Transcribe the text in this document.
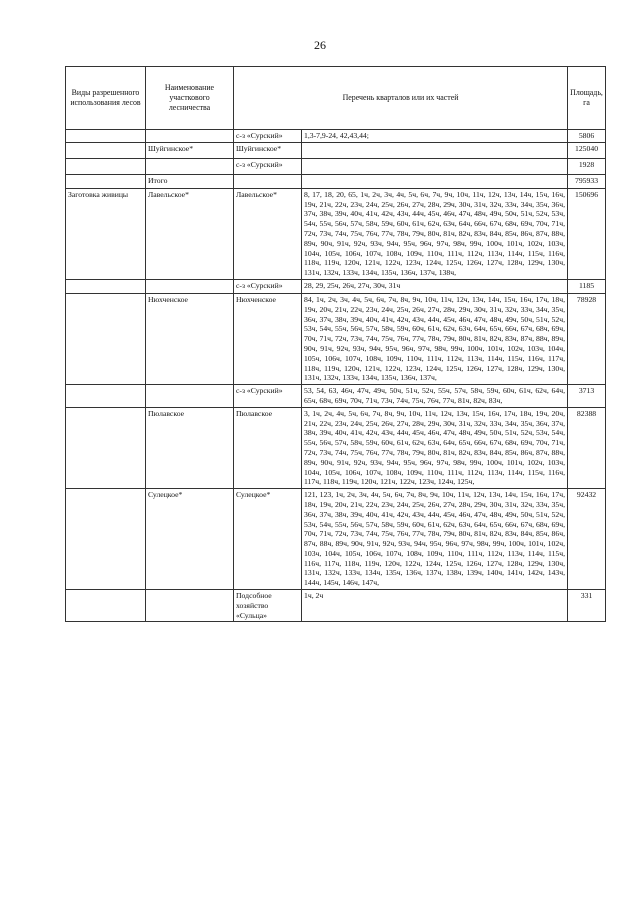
26
Виды разрешенного использования лесов	Наименование участкового лесничества	Перечень кварталов или их частей		Площадь, га
		с-з «Сурский»	1,3-7,9-24, 42,43,44;	5806
	Шуйгинское*	Шуйгинское*		125040
		с-з «Сурский»		1928
	Итого			795933
Заготовка живицы	Лавельское*	Лавельское*	8, 17, 18, 20, 65, 1ч, 2ч, 3ч, 4ч, 5ч, 6ч, 7ч, 9ч, 10ч, 11ч, 12ч, 13ч, 14ч, 15ч, 16ч, 19ч, 21ч, 22ч, 23ч, 24ч, 25ч, 26ч, 27ч, 28ч, 29ч, 30ч, 31ч, 32ч, 33ч, 34ч, 35ч, 36ч, 37ч, 38ч, 39ч, 40ч, 41ч, 42ч, 43ч, 44ч, 45ч, 46ч, 47ч, 48ч, 49ч, 50ч, 51ч, 52ч, 53ч, 54ч, 55ч, 56ч, 57ч, 58ч, 59ч, 60ч, 61ч, 62ч, 63ч, 64ч, 66ч, 67ч, 68ч, 69ч, 70ч, 71ч, 72ч, 73ч, 74ч, 75ч, 76ч, 77ч, 78ч, 79ч, 80ч, 81ч, 82ч, 83ч, 84ч, 85ч, 86ч, 87ч, 88ч, 89ч, 90ч, 91ч, 92ч, 93ч, 94ч, 95ч, 96ч, 97ч, 98ч, 99ч, 100ч, 101ч, 102ч, 103ч, 104ч, 105ч, 106ч, 107ч, 108ч, 109ч, 110ч, 111ч, 112ч, 113ч, 114ч, 115ч, 116ч, 118ч, 119ч, 120ч, 121ч, 122ч, 123ч, 124ч, 125ч, 126ч, 127ч, 128ч, 129ч, 130ч, 131ч, 132ч, 133ч, 134ч, 135ч, 136ч, 137ч, 138ч,	150696
		с-з «Сурский»	28, 29, 25ч, 26ч, 27ч, 30ч, 31ч	1185
	Нюхченское	Нюхченское	84, 1ч, 2ч, 3ч, 4ч, 5ч, 6ч, 7ч, 8ч, 9ч, 10ч, 11ч, 12ч, 13ч, 14ч, 15ч, 16ч, 17ч, 18ч, 19ч, 20ч, 21ч, 22ч, 23ч, 24ч, 25ч, 26ч, 27ч, 28ч, 29ч, 30ч, 31ч, 32ч, 33ч, 34ч, 35ч, 36ч, 37ч, 38ч, 39ч, 40ч, 41ч, 42ч, 43ч, 44ч, 45ч, 46ч, 47ч, 48ч, 49ч, 50ч, 51ч, 52ч, 53ч, 54ч, 55ч, 56ч, 57ч, 58ч, 59ч, 60ч, 61ч, 62ч, 63ч, 64ч, 65ч, 66ч, 67ч, 68ч, 69ч, 70ч, 71ч, 72ч, 73ч, 74ч, 75ч, 76ч, 77ч, 78ч, 79ч, 80ч, 81ч, 82ч, 83ч, 87ч, 88ч, 89ч, 90ч, 91ч, 92ч, 93ч, 94ч, 95ч, 96ч, 97ч, 98ч, 99ч, 100ч, 101ч, 102ч, 103ч, 104ч, 105ч, 106ч, 107ч, 108ч, 109ч, 110ч, 111ч, 112ч, 113ч, 114ч, 115ч, 116ч, 117ч, 118ч, 119ч, 120ч, 121ч, 122ч, 123ч, 124ч, 125ч, 126ч, 127ч, 128ч, 129ч, 130ч, 131ч, 132ч, 133ч, 134ч, 135ч, 136ч, 137ч,	78928
		с-з «Сурский»	53, 54, 63, 46ч, 47ч, 49ч, 50ч, 51ч, 52ч, 55ч, 57ч, 58ч, 59ч, 60ч, 61ч, 62ч, 64ч, 65ч, 68ч, 69ч, 70ч, 71ч, 73ч, 74ч, 75ч, 76ч, 77ч, 81ч, 82ч, 83ч,	3713
	Пюлавское	Пюлавское	3, 1ч, 2ч, 4ч, 5ч, 6ч, 7ч, 8ч, 9ч, 10ч, 11ч, 12ч, 13ч, 15ч, 16ч, 17ч, 18ч, 19ч, 20ч, 21ч, 22ч, 23ч, 24ч, 25ч, 26ч, 27ч, 28ч, 29ч, 30ч, 31ч, 32ч, 33ч, 34ч, 35ч, 36ч, 37ч, 38ч, 39ч, 40ч, 41ч, 42ч, 43ч, 44ч, 45ч, 46ч, 47ч, 48ч, 49ч, 50ч, 51ч, 52ч, 53ч, 54ч, 55ч, 56ч, 57ч, 58ч, 59ч, 60ч, 61ч, 62ч, 63ч, 64ч, 65ч, 66ч, 67ч, 68ч, 69ч, 70ч, 71ч, 72ч, 73ч, 74ч, 75ч, 76ч, 77ч, 78ч, 79ч, 80ч, 81ч, 82ч, 83ч, 84ч, 85ч, 86ч, 87ч, 88ч, 89ч, 90ч, 91ч, 92ч, 93ч, 94ч, 95ч, 96ч, 97ч, 98ч, 99ч, 100ч, 101ч, 102ч, 103ч, 104ч, 105ч, 106ч, 107ч, 108ч, 109ч, 110ч, 111ч, 112ч, 113ч, 114ч, 115ч, 116ч, 117ч, 118ч, 119ч, 120ч, 121ч, 122ч, 123ч, 124ч, 125ч,	82388
	Сулецкое*	Сулецкое*	121, 123, 1ч, 2ч, 3ч, 4ч, 5ч, 6ч, 7ч, 8ч, 9ч, 10ч, 11ч, 12ч, 13ч, 14ч, 15ч, 16ч, 17ч, 18ч, 19ч, 20ч, 21ч, 22ч, 23ч, 24ч, 25ч, 26ч, 27ч, 28ч, 29ч, 30ч, 31ч, 32ч, 33ч, 35ч, 36ч, 37ч, 38ч, 39ч, 40ч, 41ч, 42ч, 43ч, 44ч, 45ч, 46ч, 47ч, 48ч, 49ч, 50ч, 51ч, 52ч, 53ч, 54ч, 55ч, 56ч, 57ч, 58ч, 59ч, 60ч, 61ч, 62ч, 63ч, 64ч, 65ч, 66ч, 67ч, 68ч, 69ч, 70ч, 71ч, 72ч, 73ч, 74ч, 75ч, 76ч, 77ч, 78ч, 79ч, 80ч, 81ч, 82ч, 83ч, 84ч, 85ч, 86ч, 87ч, 88ч, 89ч, 90ч, 91ч, 92ч, 93ч, 94ч, 95ч, 96ч, 97ч, 98ч, 99ч, 100ч, 101ч, 102ч, 103ч, 104ч, 105ч, 106ч, 107ч, 108ч, 109ч, 110ч, 111ч, 112ч, 113ч, 114ч, 115ч, 116ч, 117ч, 118ч, 119ч, 120ч, 122ч, 124ч, 125ч, 126ч, 127ч, 128ч, 129ч, 130ч, 131ч, 132ч, 133ч, 134ч, 135ч, 136ч, 137ч, 138ч, 139ч, 140ч, 141ч, 142ч, 143ч, 144ч, 145ч, 146ч, 147ч,	92432
		Подсобное хозяйство «Сульца»	1ч, 2ч	331
